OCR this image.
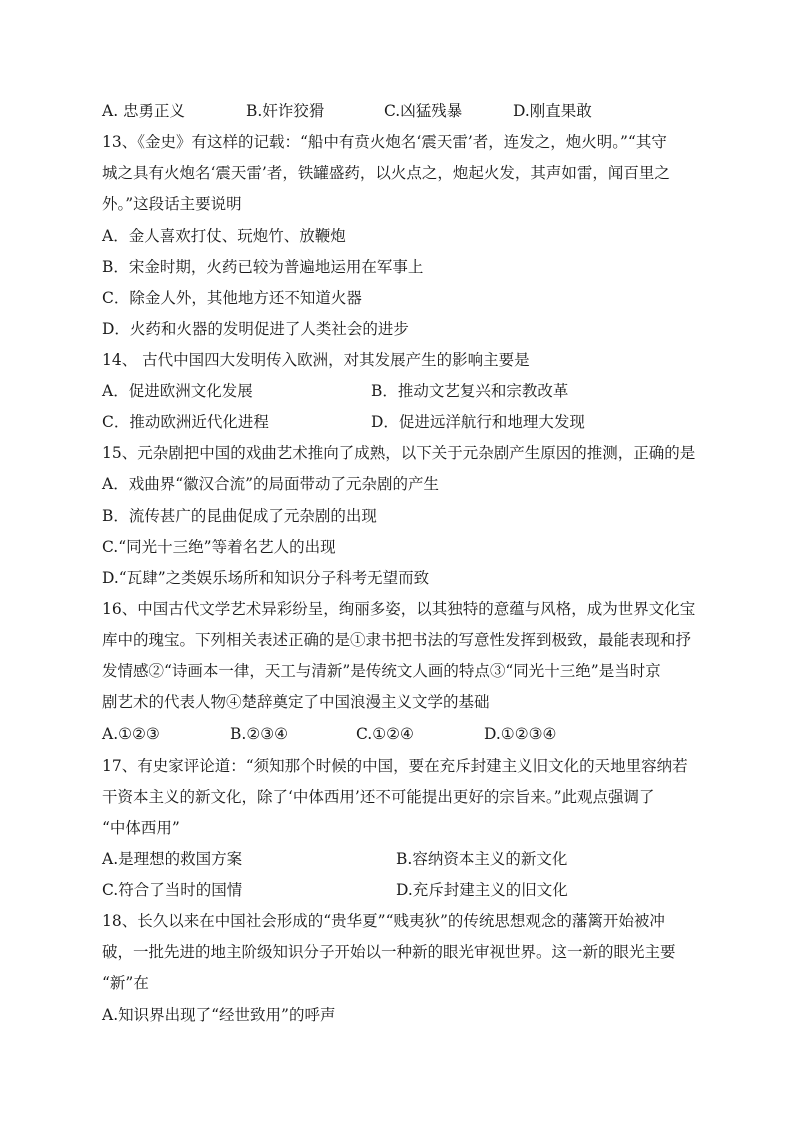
A. 忠勇正义	B.奸诈狡猾	C.凶猛残暴	D.刚直果敢
13、《金史》有这样的记载：“船中有贲火炮名‘震天雷’者，连发之，炮火明。”“其守
城之具有火炮名‘震天雷’者，铁罐盛药，以火点之，炮起火发，其声如雷，闻百里之
外。”这段话主要说明
A．金人喜欢打仗、玩炮竹、放鞭炮
B．宋金时期，火药已较为普遍地运用在军事上
C．除金人外，其他地方还不知道火器
D．火药和火器的发明促进了人类社会的进步
14、 古代中国四大发明传入欧洲，对其发展产生的影响主要是
A．促进欧洲文化发展	B．推动文艺复兴和宗教改革
C．推动欧洲近代化进程	D．促进远洋航行和地理大发现
15、元杂剧把中国的戏曲艺术推向了成熟，以下关于元杂剧产生原因的推测，正确的是
A．戏曲界“徽汉合流”的局面带动了元杂剧的产生
B．流传甚广的昆曲促成了元杂剧的出现
C.“同光十三绝”等着名艺人的出现
D.“瓦肆”之类娱乐场所和知识分子科考无望而致
16、中国古代文学艺术异彩纷呈，绚丽多姿，以其独特的意蕴与风格，成为世界文化宝
库中的瑰宝。下列相关表述正确的是①隶书把书法的写意性发挥到极致，最能表现和抒
发情感②“诗画本一律，天工与清新”是传统文人画的特点③“同光十三绝”是当时京
剧艺术的代表人物④楚辞奠定了中国浪漫主义文学的基础
A.①②③	B.②③④	C.①②④	D.①②③④
17、有史家评论道：“须知那个时候的中国，要在充斥封建主义旧文化的天地里容纳若
干资本主义的新文化，除了‘中体西用’还不可能提出更好的宗旨来。”此观点强调了
“中体西用”
A.是理想的救国方案	B.容纳资本主义的新文化
C.符合了当时的国情	D.充斥封建主义的旧文化
18、长久以来在中国社会形成的“贵华夏”“贱夷狄”的传统思想观念的藩篱开始被冲
破，一批先进的地主阶级知识分子开始以一种新的眼光审视世界。这一新的眼光主要
“新”在
A.知识界出现了“经世致用”的呼声
